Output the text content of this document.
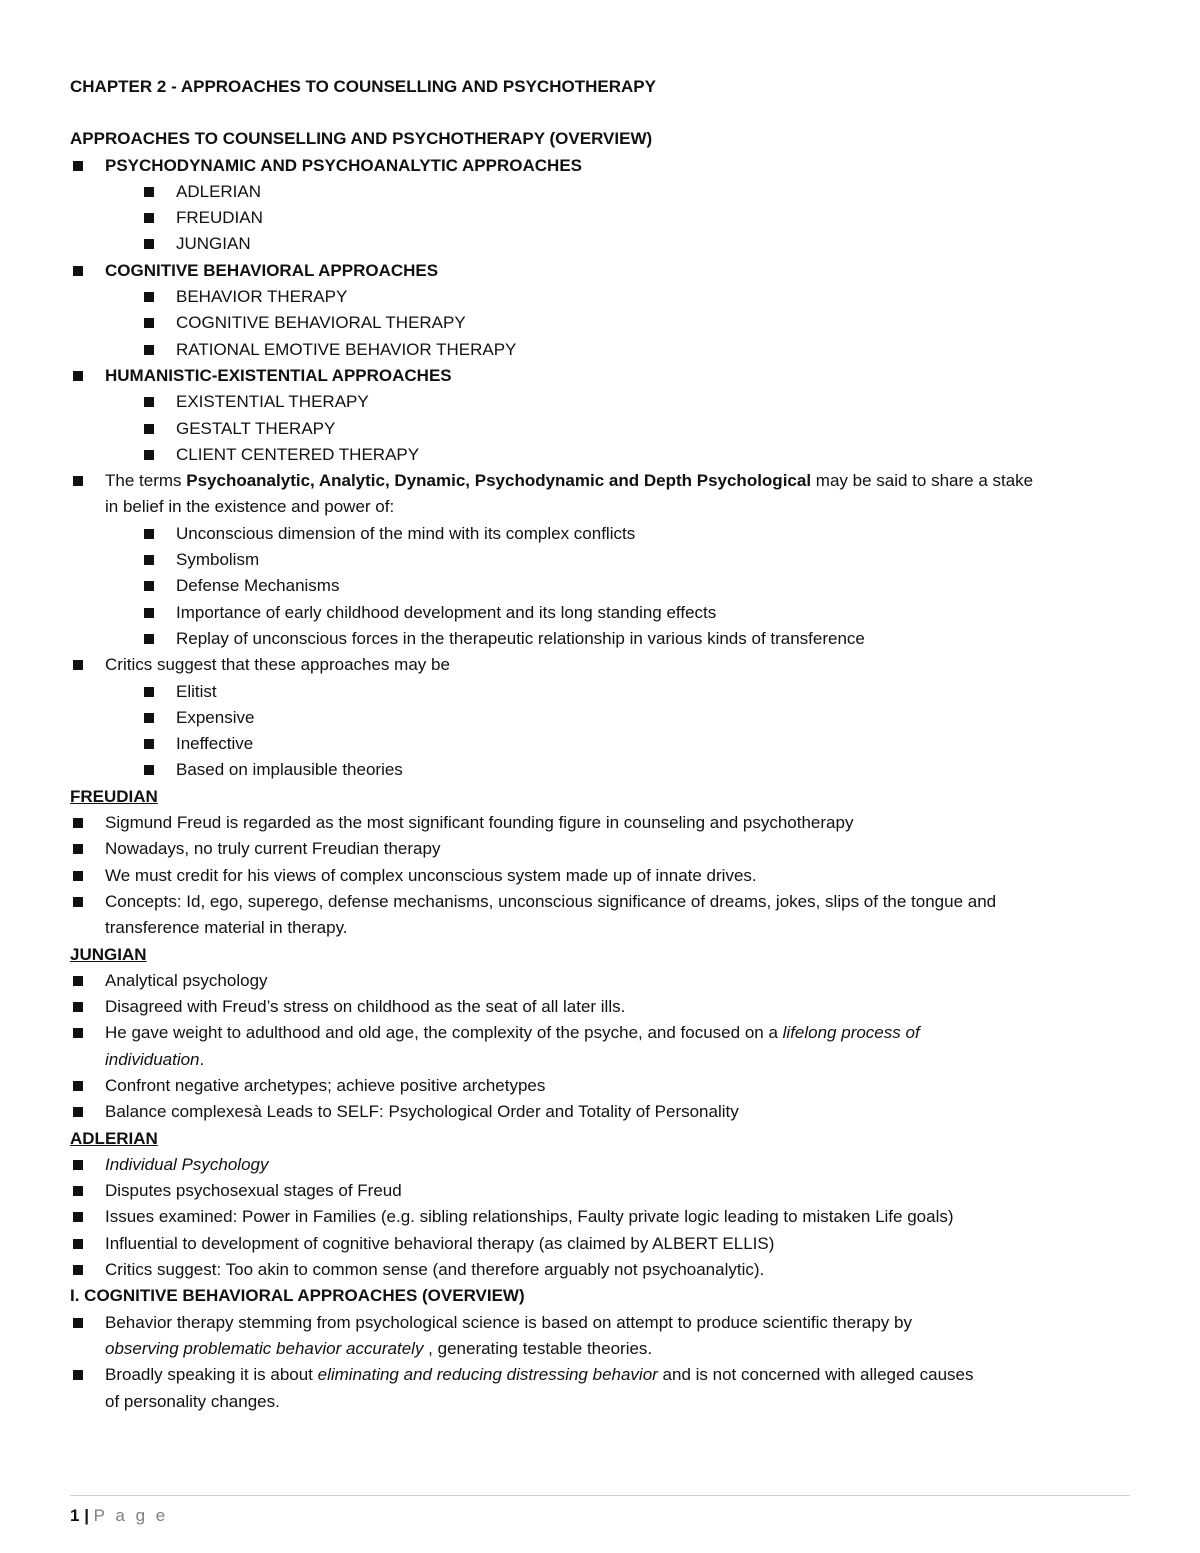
CHAPTER 2 - APPROACHES TO COUNSELLING AND PSYCHOTHERAPY
APPROACHES TO COUNSELLING AND PSYCHOTHERAPY (OVERVIEW)
PSYCHODYNAMIC AND PSYCHOANALYTIC APPROACHES
ADLERIAN
FREUDIAN
JUNGIAN
COGNITIVE BEHAVIORAL APPROACHES
BEHAVIOR THERAPY
COGNITIVE BEHAVIORAL THERAPY
RATIONAL EMOTIVE BEHAVIOR THERAPY
HUMANISTIC-EXISTENTIAL APPROACHES
EXISTENTIAL THERAPY
GESTALT THERAPY
CLIENT CENTERED THERAPY
The terms Psychoanalytic, Analytic, Dynamic, Psychodynamic and Depth Psychological may be said to share a stake
in belief in the existence and power of:
Unconscious dimension of the mind with its complex conflicts
Symbolism
Defense Mechanisms
Importance of early childhood development and its long standing effects
Replay of unconscious forces in the therapeutic relationship in various kinds of transference
Critics suggest that these approaches may be
Elitist
Expensive
Ineffective
Based on implausible theories
FREUDIAN
Sigmund Freud is regarded as the most significant founding figure in counseling and psychotherapy
Nowadays, no truly current Freudian therapy
We must credit for his views of complex unconscious system made up of innate drives.
Concepts: Id, ego, superego, defense mechanisms, unconscious significance of dreams, jokes, slips of the tongue and
transference material in therapy.
JUNGIAN
Analytical psychology
Disagreed with Freud’s stress on childhood as the seat of all later ills.
He gave weight to adulthood and old age, the complexity of the psyche, and focused on a lifelong process of
individuation.
Confront negative archetypes; achieve positive archetypes
Balance complexesà Leads to SELF: Psychological Order and Totality of Personality
ADLERIAN
Individual Psychology
Disputes psychosexual stages of Freud
Issues examined: Power in Families (e.g. sibling relationships, Faulty private logic leading to mistaken Life goals)
Influential to development of cognitive behavioral therapy (as claimed by ALBERT ELLIS)
Critics suggest: Too akin to common sense (and therefore arguably not psychoanalytic).
I. COGNITIVE BEHAVIORAL APPROACHES (OVERVIEW)
Behavior therapy stemming from psychological science is based on attempt to produce scientific therapy by
observing problematic behavior accurately , generating testable theories.
Broadly speaking it is about eliminating and reducing distressing behavior and is not concerned with alleged causes
of personality changes.
1 | P a g e
